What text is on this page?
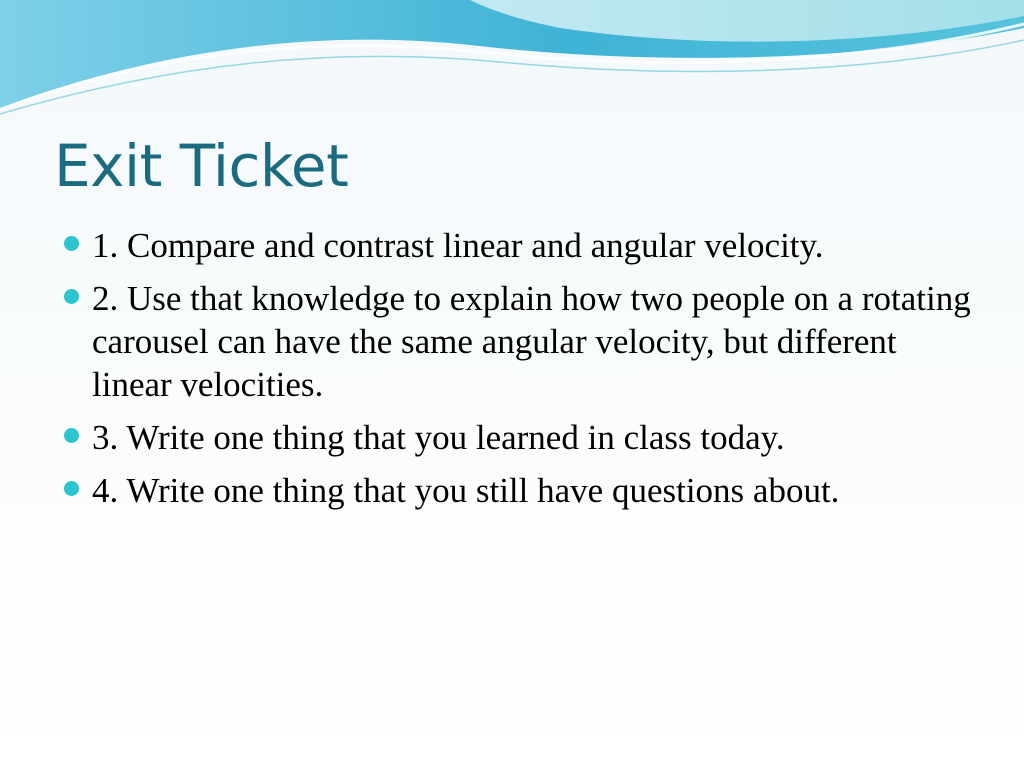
Exit Ticket
1. Compare and contrast linear and angular velocity.
2. Use that knowledge to explain how two people on a rotating carousel can have the same angular velocity, but different linear velocities.
3. Write one thing that you learned in class today.
4. Write one thing that you still have questions about.
